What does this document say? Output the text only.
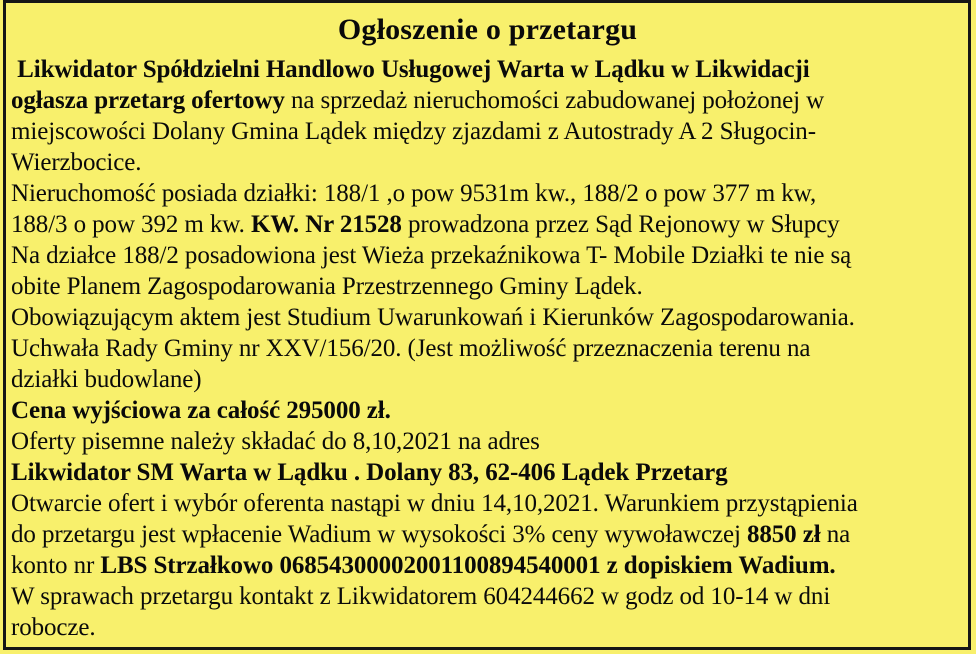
Ogłoszenie o przetargu
Likwidator Spółdzielni Handlowo Usługowej Warta w Lądku w Likwidacji
ogłasza przetarg ofertowy na sprzedaż nieruchomości zabudowanej położonej w
miejscowości Dolany Gmina Lądek między zjazdami z Autostrady A 2 Sługocin-
Wierzbocice.
Nieruchomość posiada działki: 188/1 ,o pow 9531m kw., 188/2 o pow 377 m kw,
188/3 o pow 392 m kw. KW. Nr 21528 prowadzona przez Sąd Rejonowy w Słupcy
Na działce 188/2 posadowiona jest Wieża przekaźnikowa T- Mobile Działki te nie są
obite Planem Zagospodarowania Przestrzennego Gminy Lądek.
Obowiązującym aktem jest Studium Uwarunkowań i Kierunków Zagospodarowania.
Uchwała Rady Gminy nr XXV/156/20. (Jest możliwość przeznaczenia terenu na
działki budowlane)
Cena wyjściowa za całość 295000 zł.
Oferty pisemne należy składać do 8,10,2021 na adres
Likwidator SM Warta w Lądku . Dolany 83, 62-406 Lądek Przetarg
Otwarcie ofert i wybór oferenta nastąpi w dniu 14,10,2021. Warunkiem przystąpienia
do przetargu jest wpłacenie Wadium w wysokości 3% ceny wywoławczej 8850 zł na
konto nr LBS Strzałkowo 06854300002001100894540001 z dopiskiem Wadium.
W sprawach przetargu kontakt z Likwidatorem 604244662 w godz od 10-14 w dni
robocze.
